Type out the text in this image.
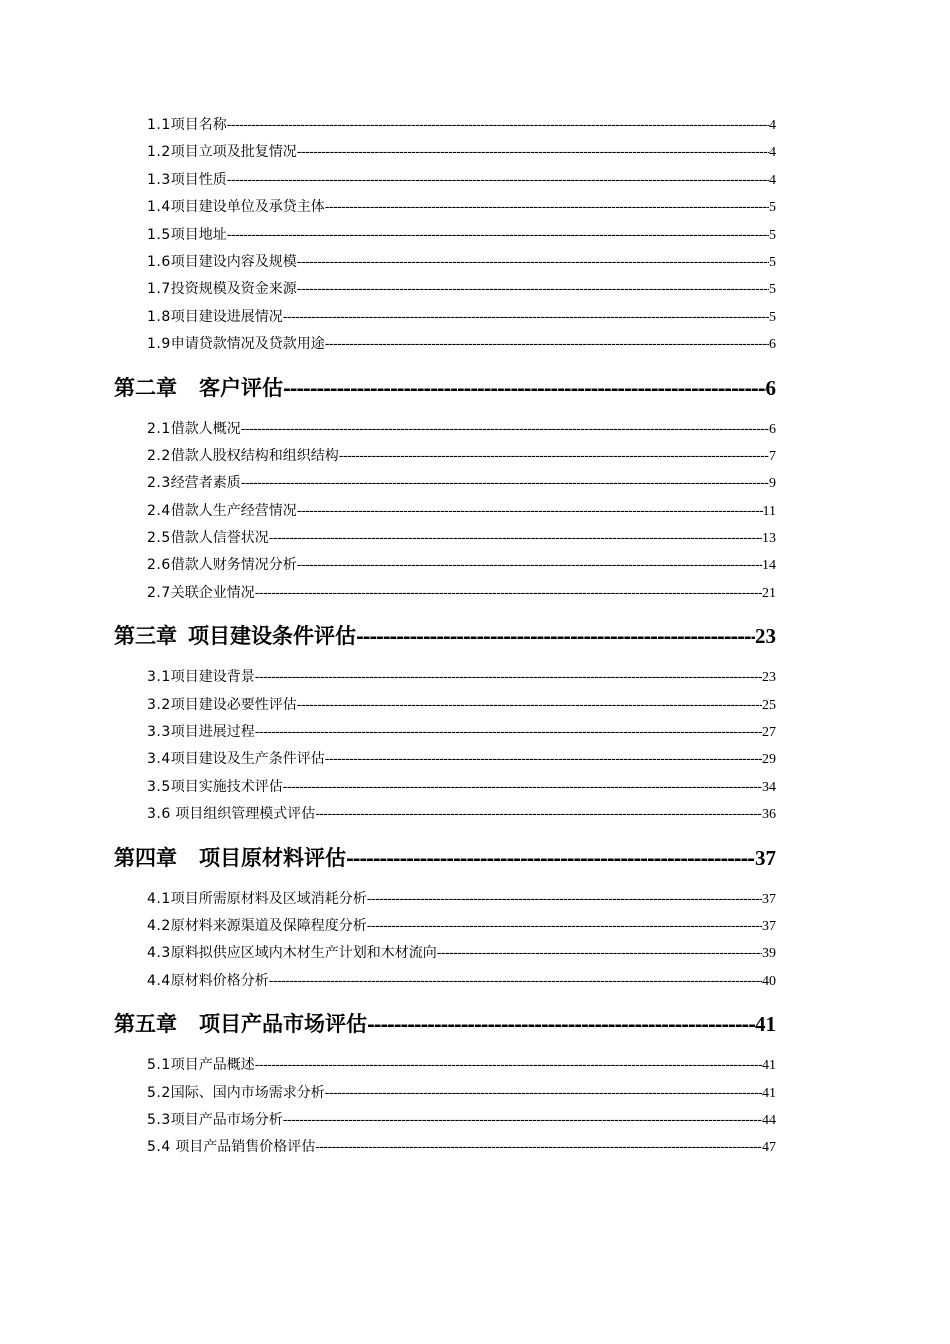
1.1 项目名称 -----	4
1.2 项目立项及批复情况 -----	4
1.3 项目性质 -----	4
1.4 项目建设单位及承贷主体 -----	5
1.5 项目地址 -----	5
1.6 项目建设内容及规模 -----	5
1.7 投资规模及资金来源 -----	5
1.8 项目建设进展情况 -----	5
1.9 申请贷款情况及贷款用途 -----	6
第二章 客户评估 -----	6
2.1 借款人概况 -----	6
2.2 借款人股权结构和组织结构 -----	7
2.3 经营者素质 -----	9
2.4 借款人生产经营情况 -----	11
2.5 借款人信誉状况 -----	13
2.6 借款人财务情况分析 -----	14
2.7 关联企业情况 -----	21
第三章 项目建设条件评估 -----	23
3.1 项目建设背景 -----	23
3.2 项目建设必要性评估 -----	25
3.3 项目进展过程 -----	27
3.4 项目建设及生产条件评估 -----	29
3.5 项目实施技术评估 -----	34
3.6 项目组织管理模式评估 -----	36
第四章 项目原材料评估 -----	37
4.1 项目所需原材料及区域消耗分析 -----	37
4.2 原材料来源渠道及保障程度分析 -----	37
4.3 原料拟供应区域内木材生产计划和木材流向 -----	39
4.4 原材料价格分析 -----	40
第五章 项目产品市场评估 -----	41
5.1 项目产品概述 -----	41
5.2 国际、国内市场需求分析 -----	41
5.3 项目产品市场分析 -----	44
5.4 项目产品销售价格评估 -----	47
